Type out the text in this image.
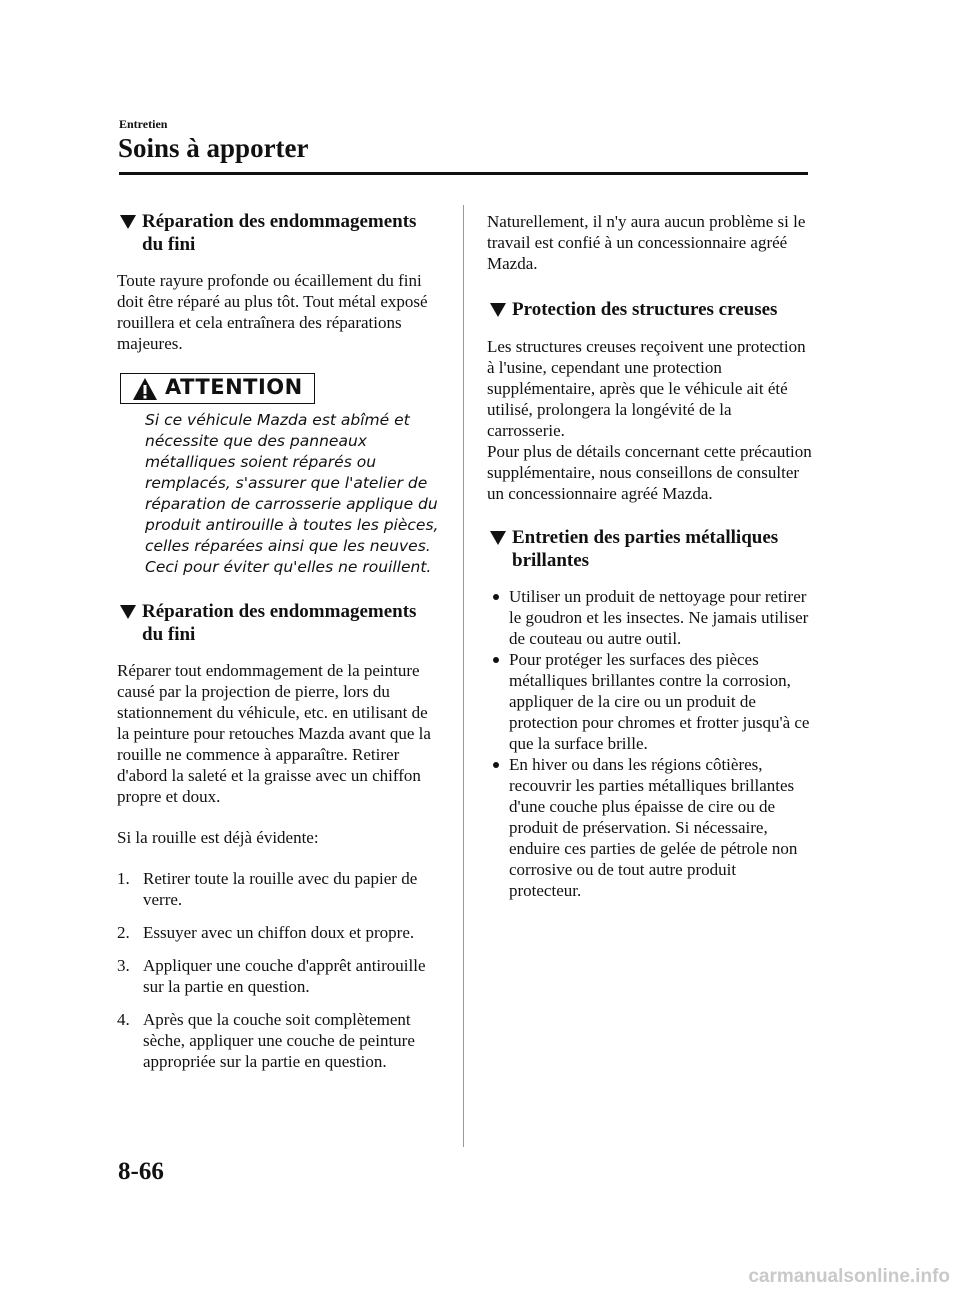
Entretien
Soins à apporter
Réparation des endommagements du fini

Toute rayure profonde ou écaillement du fini doit être réparé au plus tôt. Tout métal exposé rouillera et cela entraînera des réparations majeures.

ATTENTION

Si ce véhicule Mazda est abîmé et nécessite que des panneaux métalliques soient réparés ou remplacés, s'assurer que l'atelier de réparation de carrosserie applique du produit antirouille à toutes les pièces, celles réparées ainsi que les neuves. Ceci pour éviter qu'elles ne rouillent.

Réparation des endommagements du fini

Réparer tout endommagement de la peinture causé par la projection de pierre, lors du stationnement du véhicule, etc. en utilisant de la peinture pour retouches Mazda avant que la rouille ne commence à apparaître. Retirer d'abord la saleté et la graisse avec un chiffon propre et doux.

Si la rouille est déjà évidente:

1. Retirer toute la rouille avec du papier de verre.
2. Essuyer avec un chiffon doux et propre.
3. Appliquer une couche d'apprêt antirouille sur la partie en question.
4. Après que la couche soit complètement sèche, appliquer une couche de peinture appropriée sur la partie en question.

Naturellement, il n'y aura aucun problème si le travail est confié à un concessionnaire agréé Mazda.

Protection des structures creuses

Les structures creuses reçoivent une protection à l'usine, cependant une protection supplémentaire, après que le véhicule ait été utilisé, prolongera la longévité de la carrosserie.

Pour plus de détails concernant cette précaution supplémentaire, nous conseillons de consulter un concessionnaire agréé Mazda.

Entretien des parties métalliques brillantes
Utiliser un produit de nettoyage pour retirer le goudron et les insectes. Ne jamais utiliser de couteau ou autre outil.
Pour protéger les surfaces des pièces métalliques brillantes contre la corrosion, appliquer de la cire ou un produit de protection pour chromes et frotter jusqu'à ce que la surface brille.
En hiver ou dans les régions côtières, recouvrir les parties métalliques brillantes d'une couche plus épaisse de cire ou de produit de préservation. Si nécessaire, enduire ces parties de gelée de pétrole non corrosive ou de tout autre produit protecteur.
8-66
carmanualsonline.info
